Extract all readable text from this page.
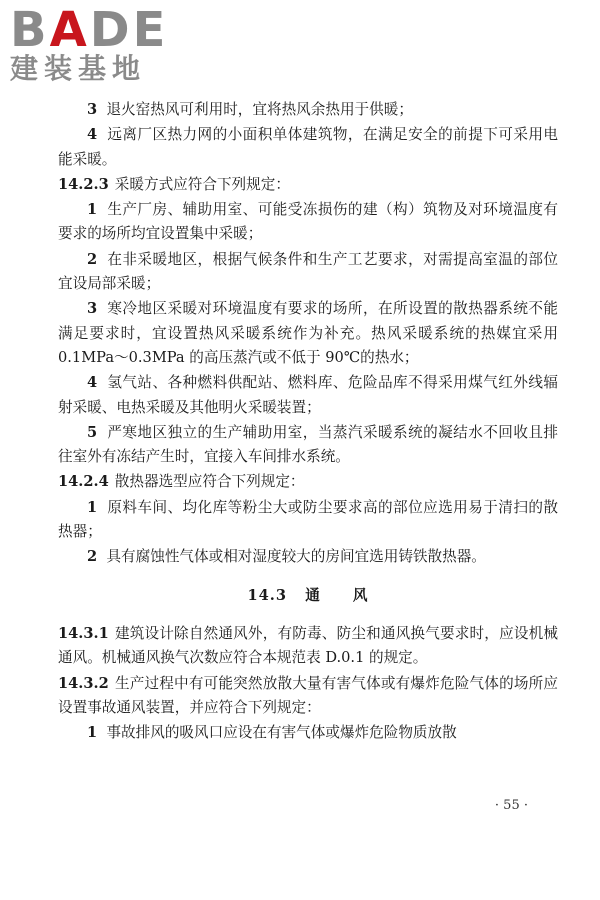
BADE
建装基地

3 退火窑热风可利用时，宜将热风余热用于供暖；

4 远离厂区热力网的小面积单体建筑物，在满足安全的前提下可采用电能采暖。

14.2.3 采暖方式应符合下列规定：

1 生产厂房、辅助用室、可能受冻损伤的建（构）筑物及对环境温度有要求的场所均宜设置集中采暖；

2 在非采暖地区，根据气候条件和生产工艺要求，对需提高室温的部位宜设局部采暖；

3 寒冷地区采暖对环境温度有要求的场所，在所设置的散热器系统不能满足要求时，宜设置热风采暖系统作为补充。热风采暖系统的热媒宜采用 0.1MPa～0.3MPa 的高压蒸汽或不低于 90℃的热水；

4 氢气站、各种燃料供配站、燃料库、危险品库不得采用煤气红外线辐射采暖、电热采暖及其他明火采暖装置；

5 严寒地区独立的生产辅助用室，当蒸汽采暖系统的凝结水不回收且排往室外有冻结产生时，宜接入车间排水系统。

14.2.4 散热器选型应符合下列规定：

1 原料车间、均化库等粉尘大或防尘要求高的部位应选用易于清扫的散热器；

2 具有腐蚀性气体或相对湿度较大的房间宜选用铸铁散热器。

14.3 通 风

14.3.1 建筑设计除自然通风外，有防毒、防尘和通风换气要求时，应设机械通风。机械通风换气次数应符合本规范表 D.0.1 的规定。

14.3.2 生产过程中有可能突然放散大量有害气体或有爆炸危险气体的场所应设置事故通风装置，并应符合下列规定：

1 事故排风的吸风口应设在有害气体或爆炸危险物质放散

· 55 ·
